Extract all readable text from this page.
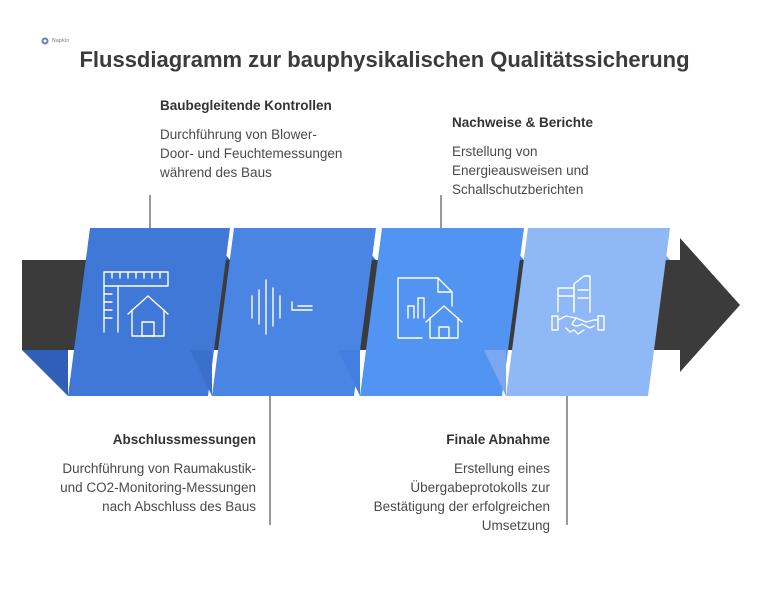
Napkin
Flussdiagramm zur bauphysikalischen Qualitätssicherung
Baubegleitende Kontrollen
Durchführung von Blower-Door- und Feuchtemessungen während des Baus
Nachweise & Berichte
Erstellung von Energieausweisen und Schallschutzberichten
Abschlussmessungen
Durchführung von Raumakustik- und CO2-Monitoring-Messungen nach Abschluss des Baus
Finale Abnahme
Erstellung eines Übergabeprotokolls zur Bestätigung der erfolgreichen Umsetzung
